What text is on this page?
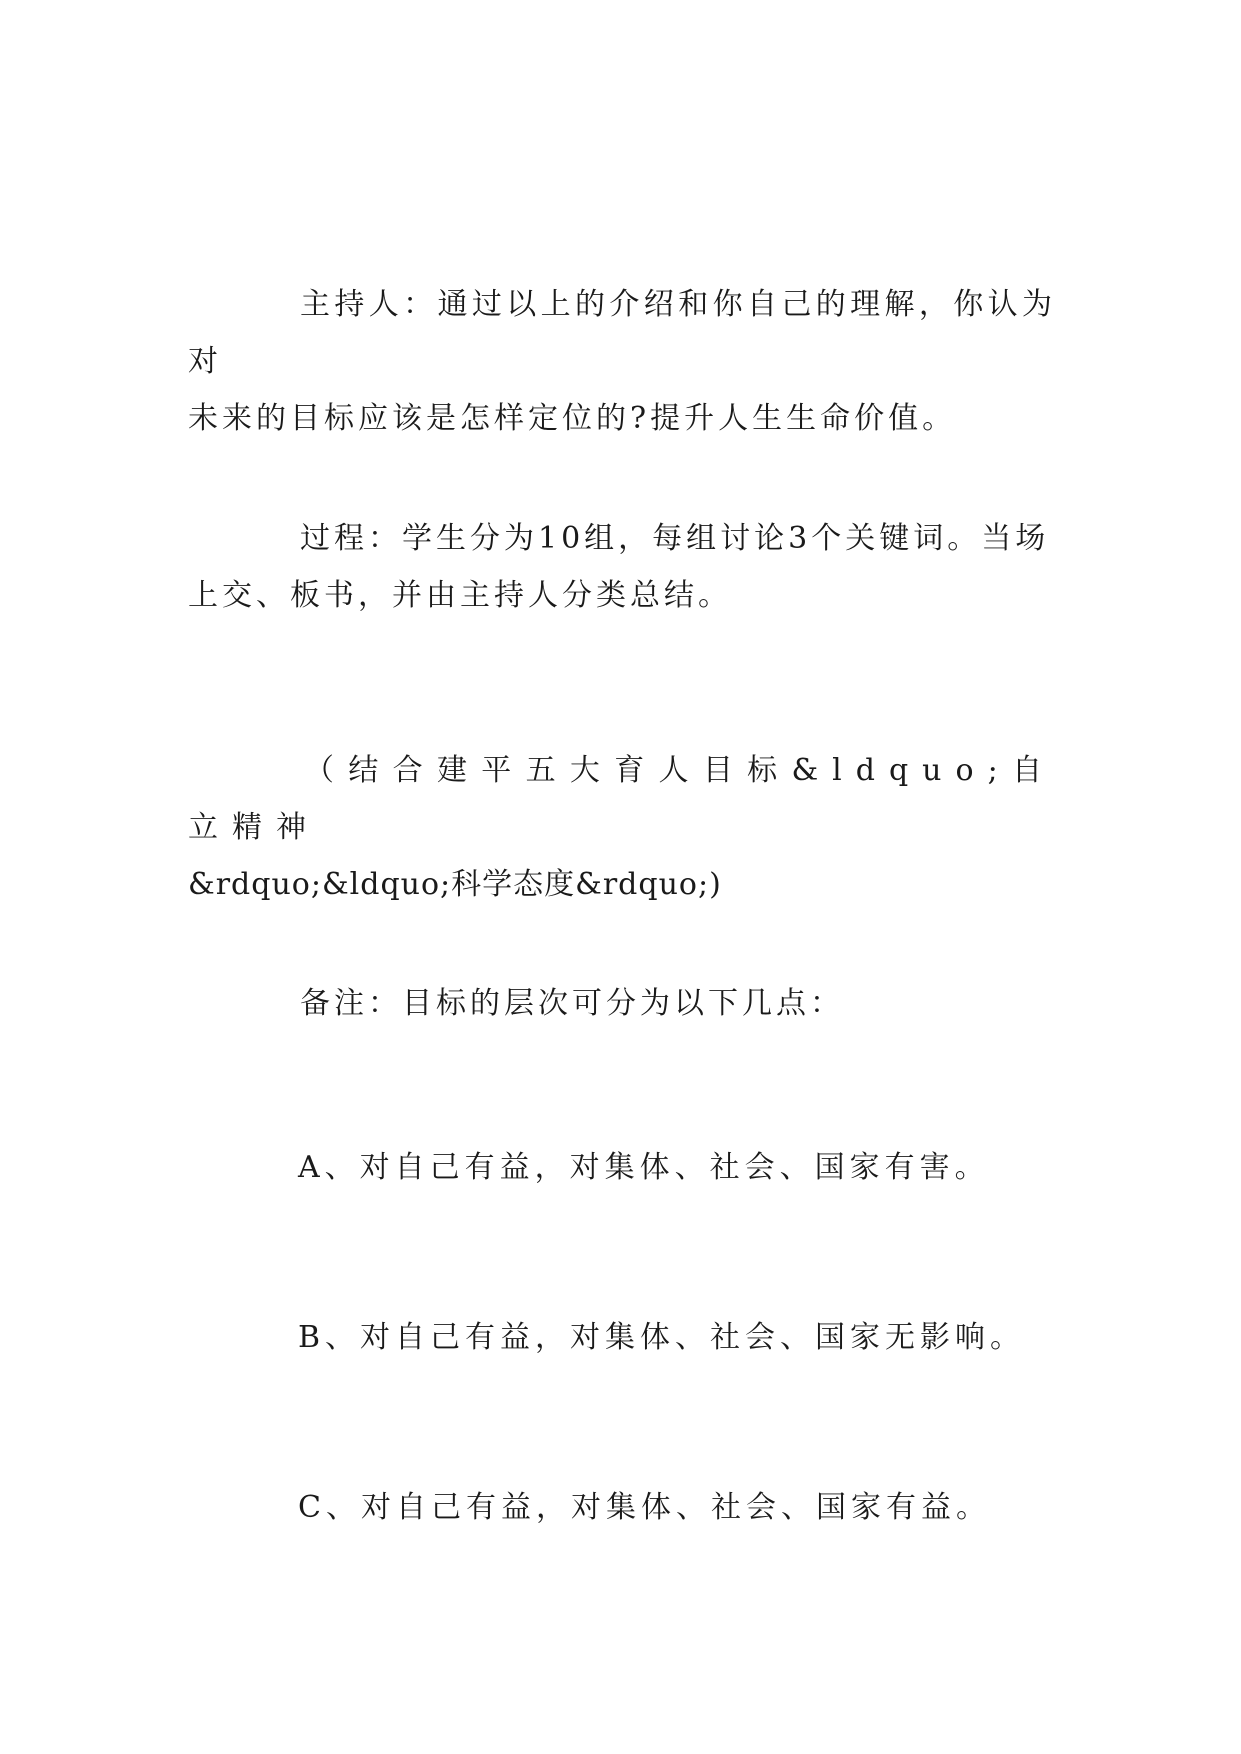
主持人：通过以上的介绍和你自己的理解，你认为对
未来的目标应该是怎样定位的?提升人生生命价值。

过程：学生分为10组，每组讨论3个关键词。当场
上交、板书，并由主持人分类总结。

（结合建平五大育人目标&ldquo;自立精神
&rdquo;&ldquo;科学态度&rdquo;)

备注：目标的层次可分为以下几点：

A、对自己有益，对集体、社会、国家有害。

B、对自己有益，对集体、社会、国家无影响。

C、对自己有益，对集体、社会、国家有益。
